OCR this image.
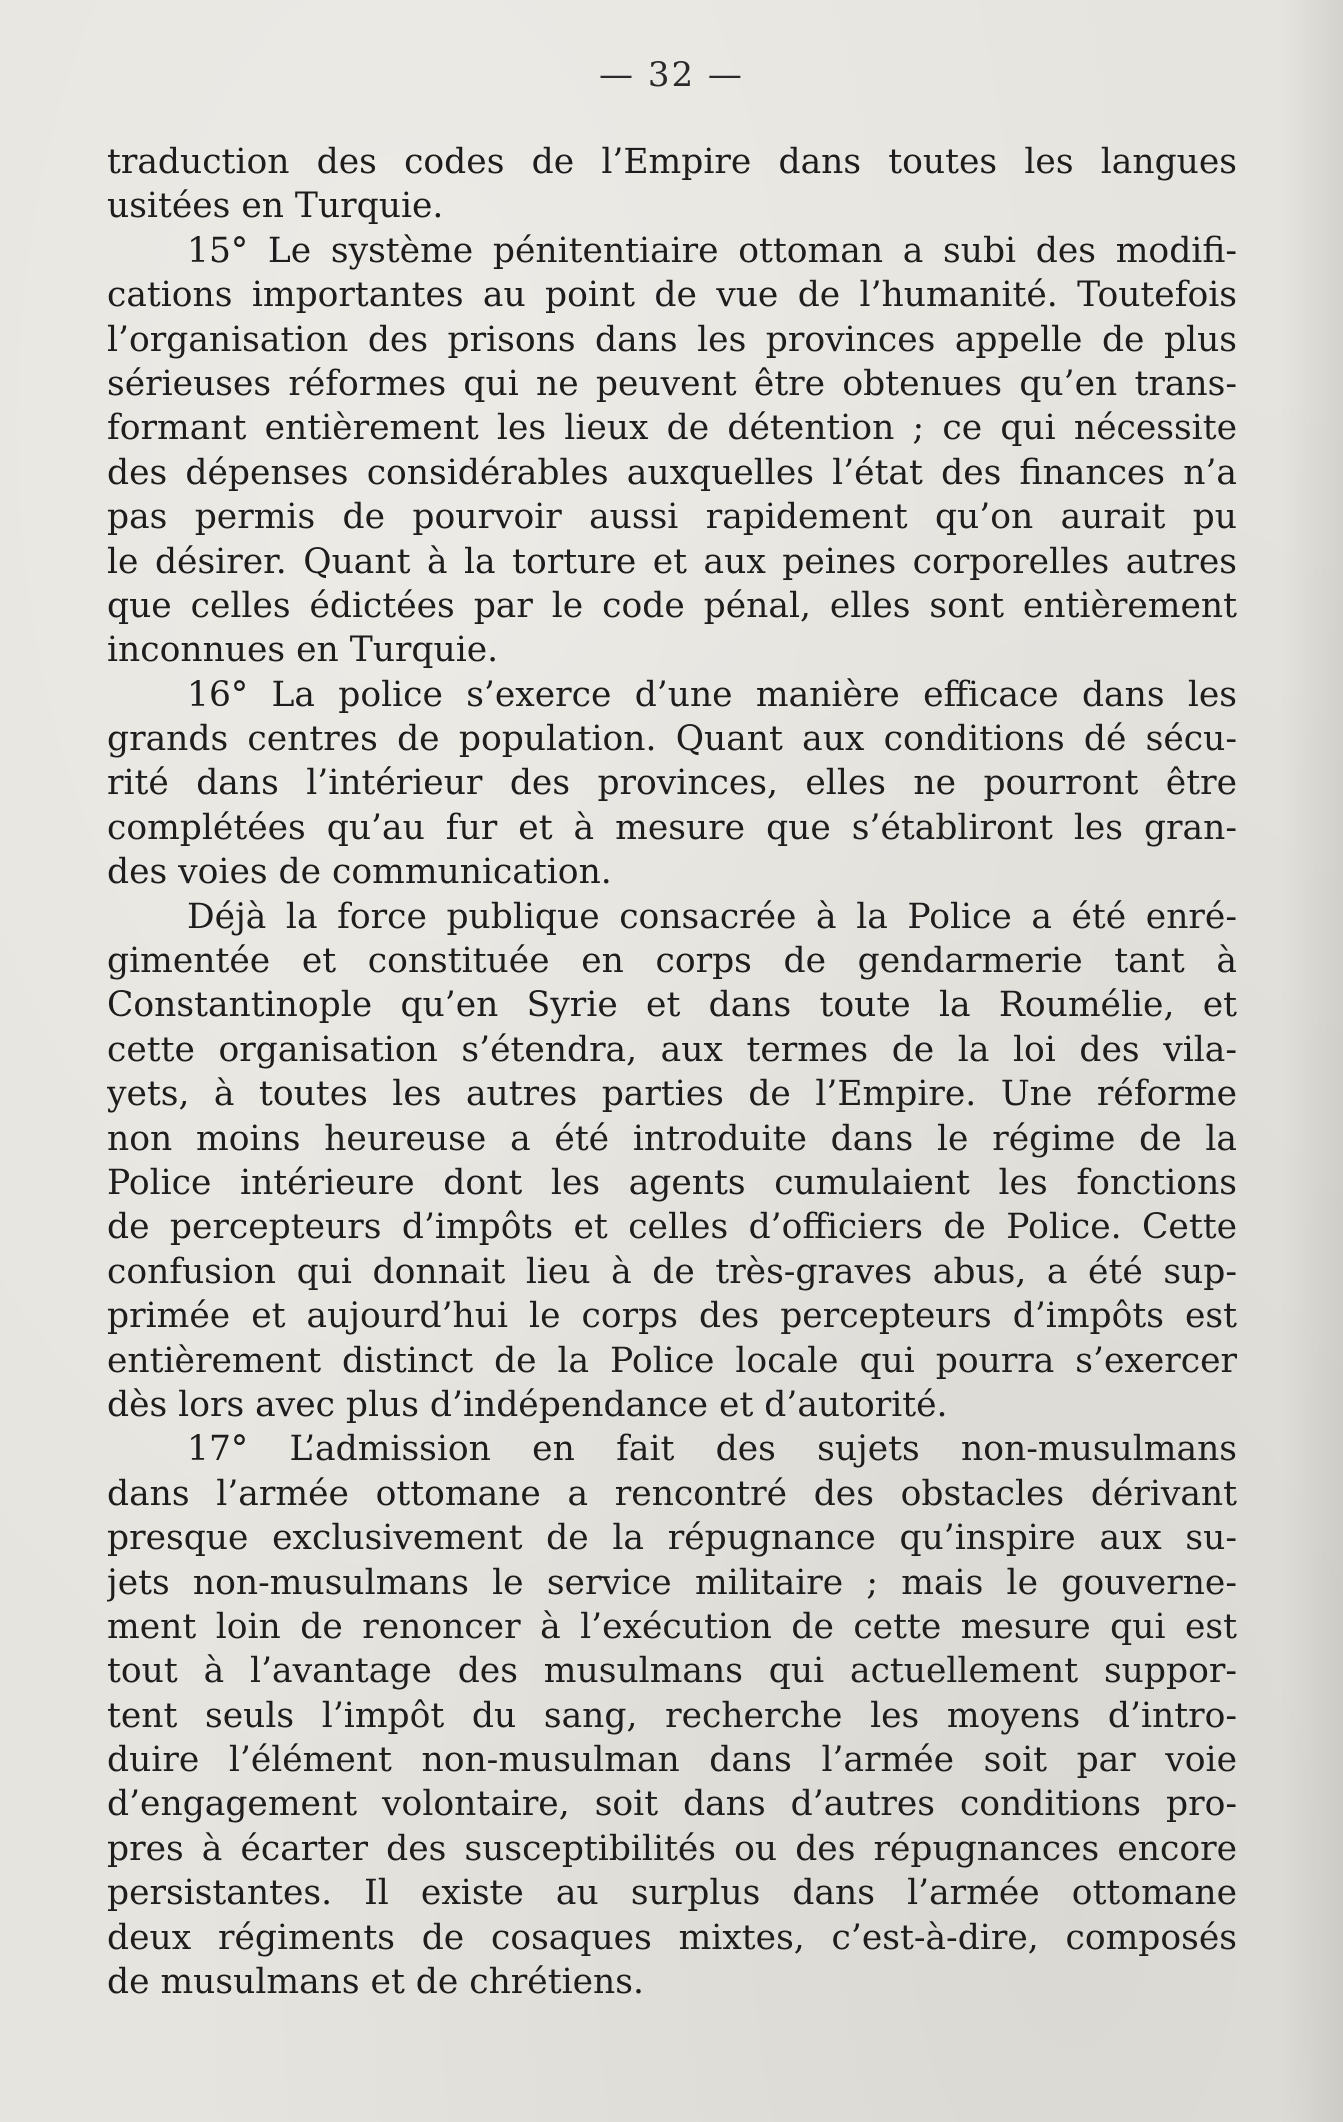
— 32 —
traduction des codes de l’Empire dans toutes les langues
usitées en Turquie.
15° Le système pénitentiaire ottoman a subi des modifi-
cations importantes au point de vue de l’humanité. Toutefois
l’organisation des prisons dans les provinces appelle de plus
sérieuses réformes qui ne peuvent être obtenues qu’en trans-
formant entièrement les lieux de détention ; ce qui nécessite
des dépenses considérables auxquelles l’état des finances n’a
pas permis de pourvoir aussi rapidement qu’on aurait pu
le désirer. Quant à la torture et aux peines corporelles autres
que celles édictées par le code pénal, elles sont entièrement
inconnues en Turquie.
16° La police s’exerce d’une manière efficace dans les
grands centres de population. Quant aux conditions dé sécu-
rité dans l’intérieur des provinces, elles ne pourront être
complétées qu’au fur et à mesure que s’établiront les gran-
des voies de communication.
Déjà la force publique consacrée à la Police a été enré-
gimentée et constituée en corps de gendarmerie tant à
Constantinople qu’en Syrie et dans toute la Roumélie, et
cette organisation s’étendra, aux termes de la loi des vila-
yets, à toutes les autres parties de l’Empire. Une réforme
non moins heureuse a été introduite dans le régime de la
Police intérieure dont les agents cumulaient les fonctions
de percepteurs d’impôts et celles d’officiers de Police. Cette
confusion qui donnait lieu à de très-graves abus, a été sup-
primée et aujourd’hui le corps des percepteurs d’impôts est
entièrement distinct de la Police locale qui pourra s’exercer
dès lors avec plus d’indépendance et d’autorité.
17° L’admission en fait des sujets non-musulmans
dans l’armée ottomane a rencontré des obstacles dérivant
presque exclusivement de la répugnance qu’inspire aux su-
jets non-musulmans le service militaire ; mais le gouverne-
ment loin de renoncer à l’exécution de cette mesure qui est
tout à l’avantage des musulmans qui actuellement suppor-
tent seuls l’impôt du sang, recherche les moyens d’intro-
duire l’élément non-musulman dans l’armée soit par voie
d’engagement volontaire, soit dans d’autres conditions pro-
pres à écarter des susceptibilités ou des répugnances encore
persistantes. Il existe au surplus dans l’armée ottomane
deux régiments de cosaques mixtes, c’est-à-dire, composés
de musulmans et de chrétiens.
